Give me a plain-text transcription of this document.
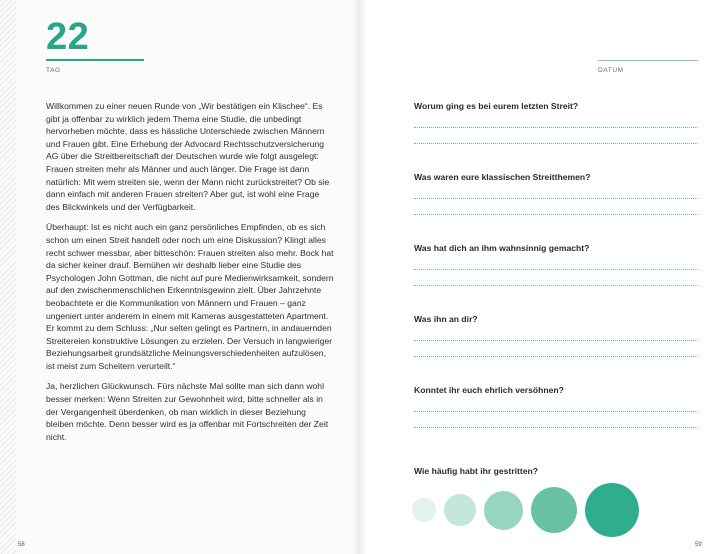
22
TAG	DATUM

Willkommen zu einer neuen Runde von „Wir bestätigen ein Klischee“. Es gibt ja offenbar zu wirklich jedem Thema eine Studie, die unbedingt hervorheben möchte, dass es hässliche Unterschiede zwischen Männern und Frauen gibt. Eine Erhebung der Advocard Rechtsschutzversicherung AG über die Streitbereitschaft der Deutschen wurde wie folgt ausgelegt: Frauen streiten mehr als Männer und auch länger. Die Frage ist dann natürlich: Mit wem streiten sie, wenn der Mann nicht zurückstreitet? Ob sie dann einfach mit anderen Frauen streiten? Aber gut, ist wohl eine Frage des Blickwinkels und der Verfügbarkeit.

Überhaupt: Ist es nicht auch ein ganz persönliches Empfinden, ob es sich schon um einen Streit handelt oder noch um eine Diskussion? Klingt alles recht schwer messbar, aber bitteschön: Frauen streiten also mehr. Bock hat da sicher keiner drauf. Bemühen wir deshalb lieber eine Studie des Psychologen John Gottman, die nicht auf pure Medienwirksamkeit, sondern auf den zwischenmenschlichen Erkenntnisgewinn zielt. Über Jahrzehnte beobachtete er die Kommunikation von Männern und Frauen – ganz ungeniert unter anderem in einem mit Kameras ausgestatteten Apartment. Er kommt zu dem Schluss: „Nur selten gelingt es Partnern, in andauernden Streitereien konstruktive Lösungen zu erzielen. Der Versuch in langwieriger Beziehungsarbeit grundsätzliche Meinungsverschiedenheiten aufzulösen, ist meist zum Scheitern verurteilt.“

Ja, herzlichen Glückwunsch. Fürs nächste Mal sollte man sich dann wohl besser merken: Wenn Streiten zur Gewohnheit wird, bitte schneller als in der Vergangenheit überdenken, ob man wirklich in dieser Beziehung bleiben möchte. Denn besser wird es ja offenbar mit Fortschreiten der Zeit nicht.

Worum ging es bei eurem letzten Streit?
Was waren eure klassischen Streitthemen?
Was hat dich an ihm wahnsinnig gemacht?
Was ihn an dir?
Konntet ihr euch ehrlich versöhnen?
Wie häufig habt ihr gestritten?
58	59
